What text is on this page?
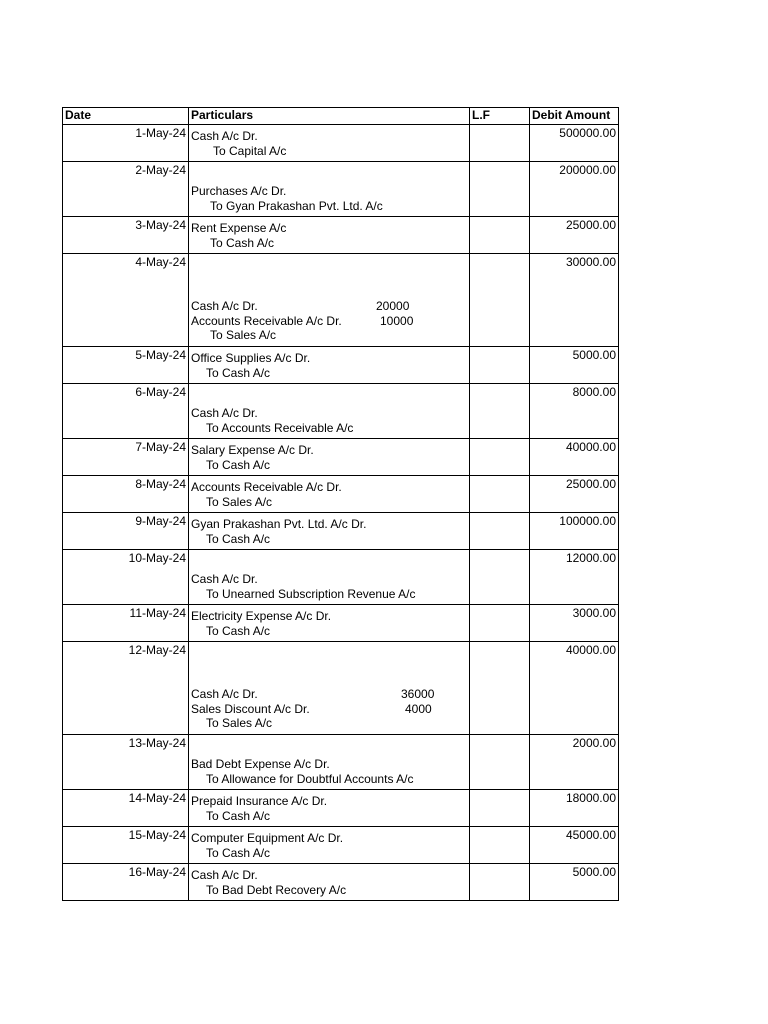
Date	Particulars	L.F	Debit Amount
1-May-24	Cash A/c Dr.
To Capital A/c		500000.00
2-May-24	Purchases A/c Dr.
To Gyan Prakashan Pvt. Ltd. A/c		200000.00
3-May-24	Rent Expense A/c
To Cash A/c		25000.00
4-May-24	Cash A/c Dr. 20000
Accounts Receivable A/c Dr. 10000
To Sales A/c		30000.00
5-May-24	Office Supplies A/c Dr.
To Cash A/c		5000.00
6-May-24	Cash A/c Dr.
To Accounts Receivable A/c		8000.00
7-May-24	Salary Expense A/c Dr.
To Cash A/c		40000.00
8-May-24	Accounts Receivable A/c Dr.
To Sales A/c		25000.00
9-May-24	Gyan Prakashan Pvt. Ltd. A/c Dr.
To Cash A/c		100000.00
10-May-24	Cash A/c Dr.
To Unearned Subscription Revenue A/c		12000.00
11-May-24	Electricity Expense A/c Dr.
To Cash A/c		3000.00
12-May-24	Cash A/c Dr. 36000
Sales Discount A/c Dr. 4000
To Sales A/c		40000.00
13-May-24	Bad Debt Expense A/c Dr.
To Allowance for Doubtful Accounts A/c		2000.00
14-May-24	Prepaid Insurance A/c Dr.
To Cash A/c		18000.00
15-May-24	Computer Equipment A/c Dr.
To Cash A/c		45000.00
16-May-24	Cash A/c Dr.
To Bad Debt Recovery A/c		5000.00
